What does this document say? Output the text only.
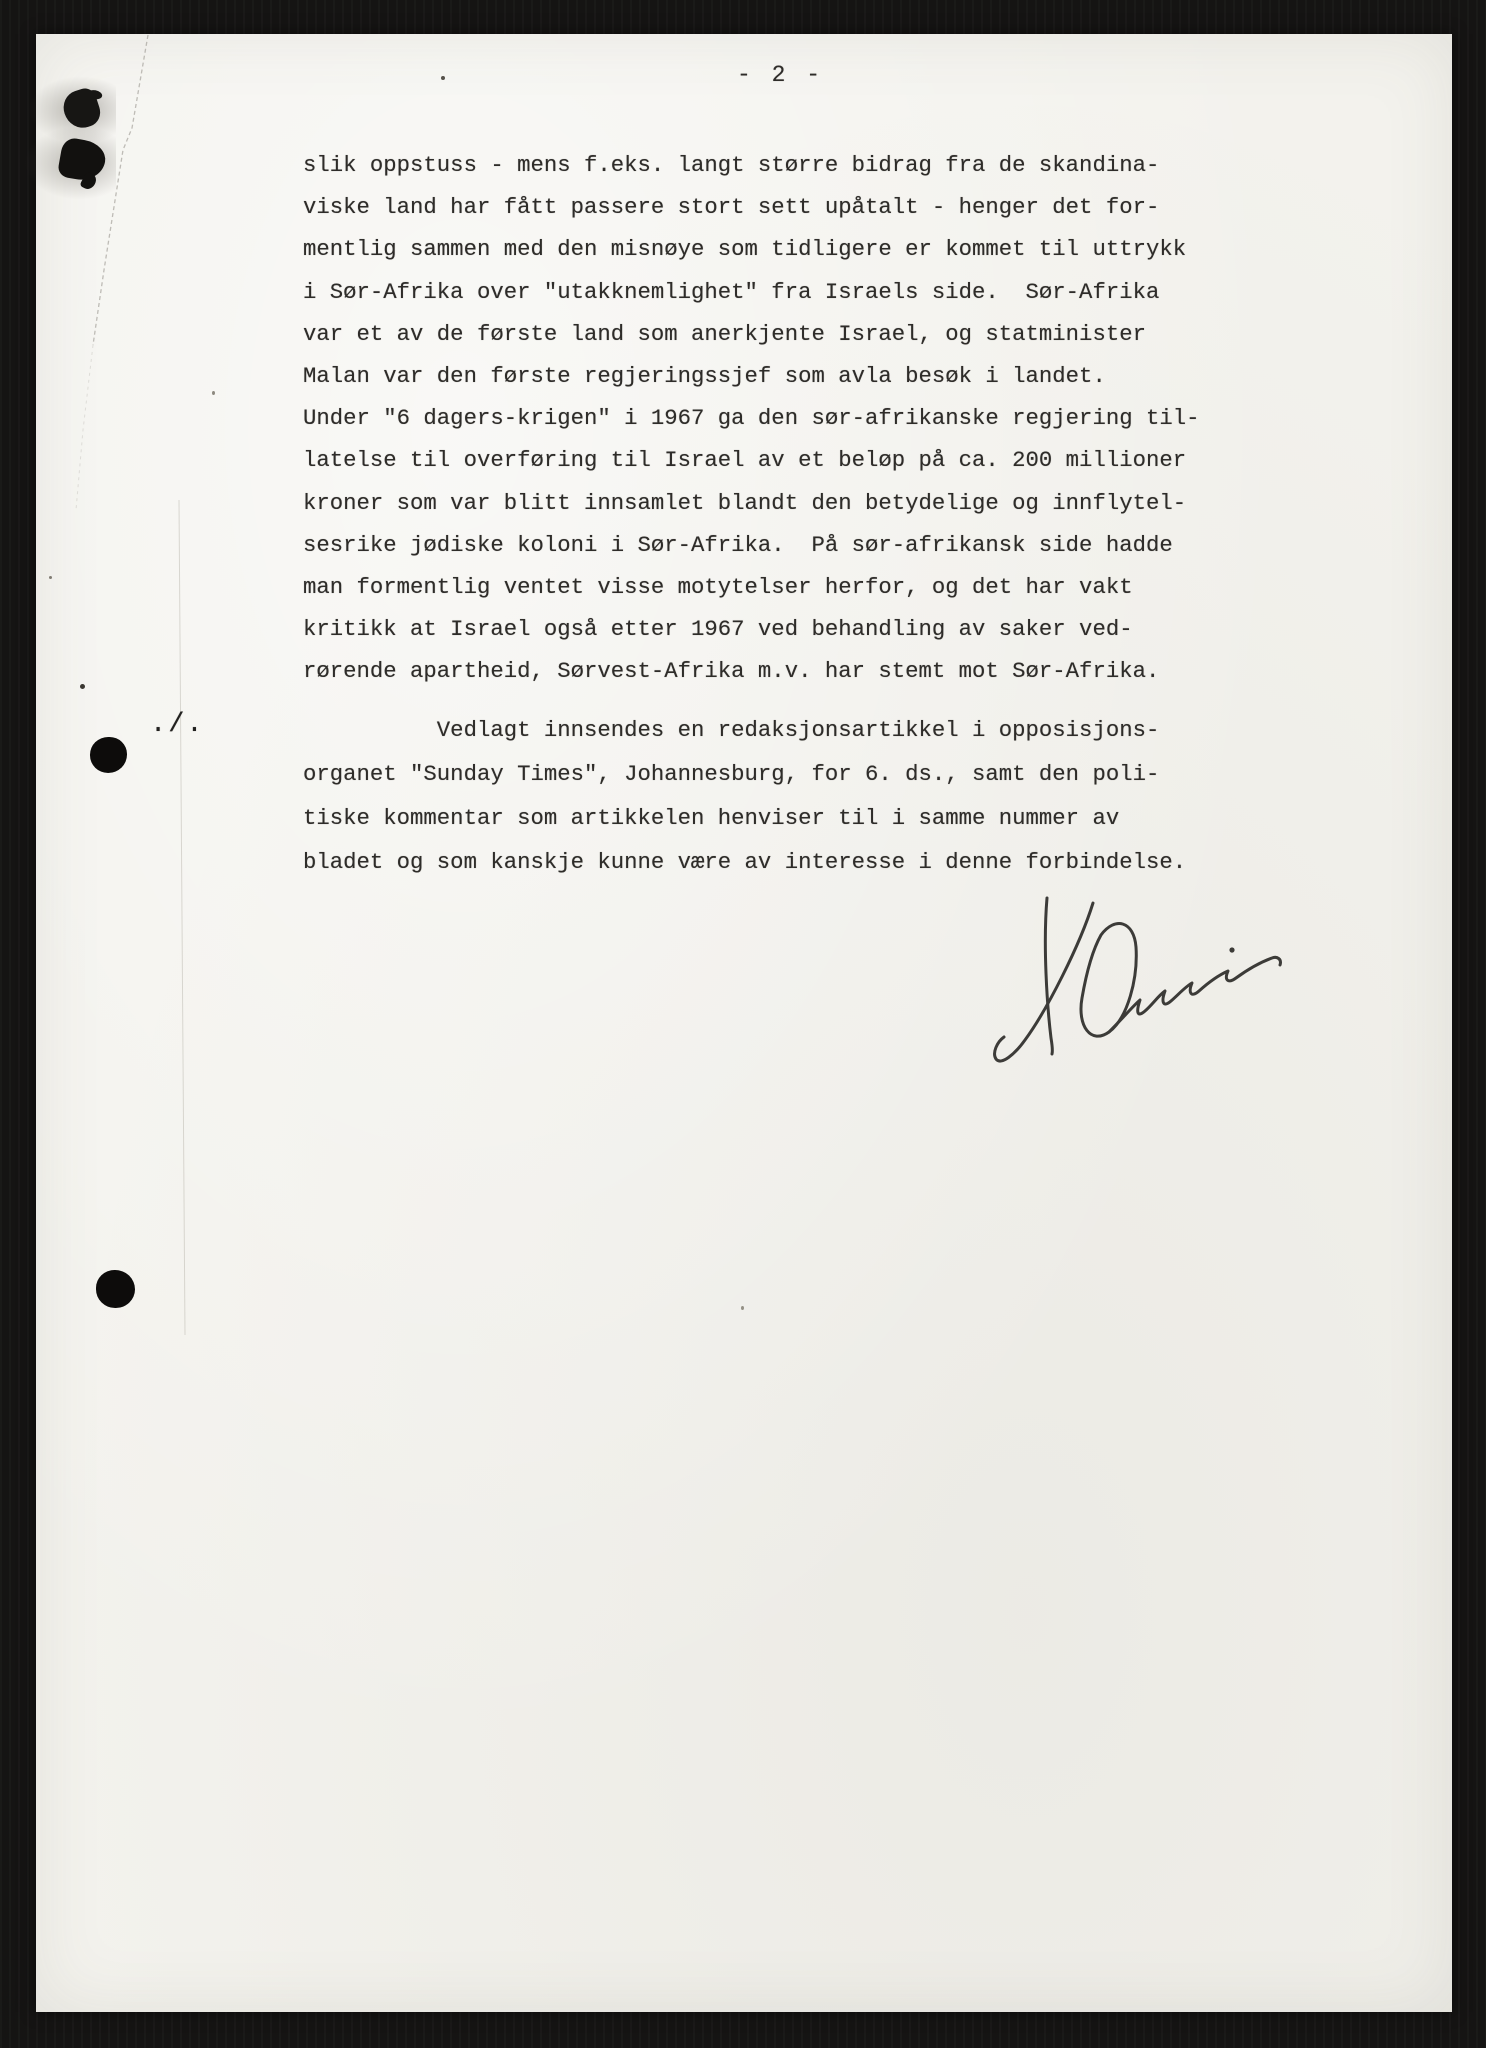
- 2 -
./.
slik oppstuss - mens f.eks. langt større bidrag fra de skandina-
viske land har fått passere stort sett upåtalt - henger det for-
mentlig sammen med den misnøye som tidligere er kommet til uttrykk
i Sør-Afrika over "utakknemlighet" fra Israels side.  Sør-Afrika
var et av de første land som anerkjente Israel, og statminister
Malan var den første regjeringssjef som avla besøk i landet.
Under "6 dagers-krigen" i 1967 ga den sør-afrikanske regjering til-
latelse til overføring til Israel av et beløp på ca. 200 millioner
kroner som var blitt innsamlet blandt den betydelige og innflytel-
sesrike jødiske koloni i Sør-Afrika.  På sør-afrikansk side hadde
man formentlig ventet visse motytelser herfor, og det har vakt
kritikk at Israel også etter 1967 ved behandling av saker ved-
rørende apartheid, Sørvest-Afrika m.v. har stemt mot Sør-Afrika.
Vedlagt innsendes en redaksjonsartikkel i opposisjons-
organet "Sunday Times", Johannesburg, for 6. ds., samt den poli-
tiske kommentar som artikkelen henviser til i samme nummer av
bladet og som kanskje kunne være av interesse i denne forbindelse.
